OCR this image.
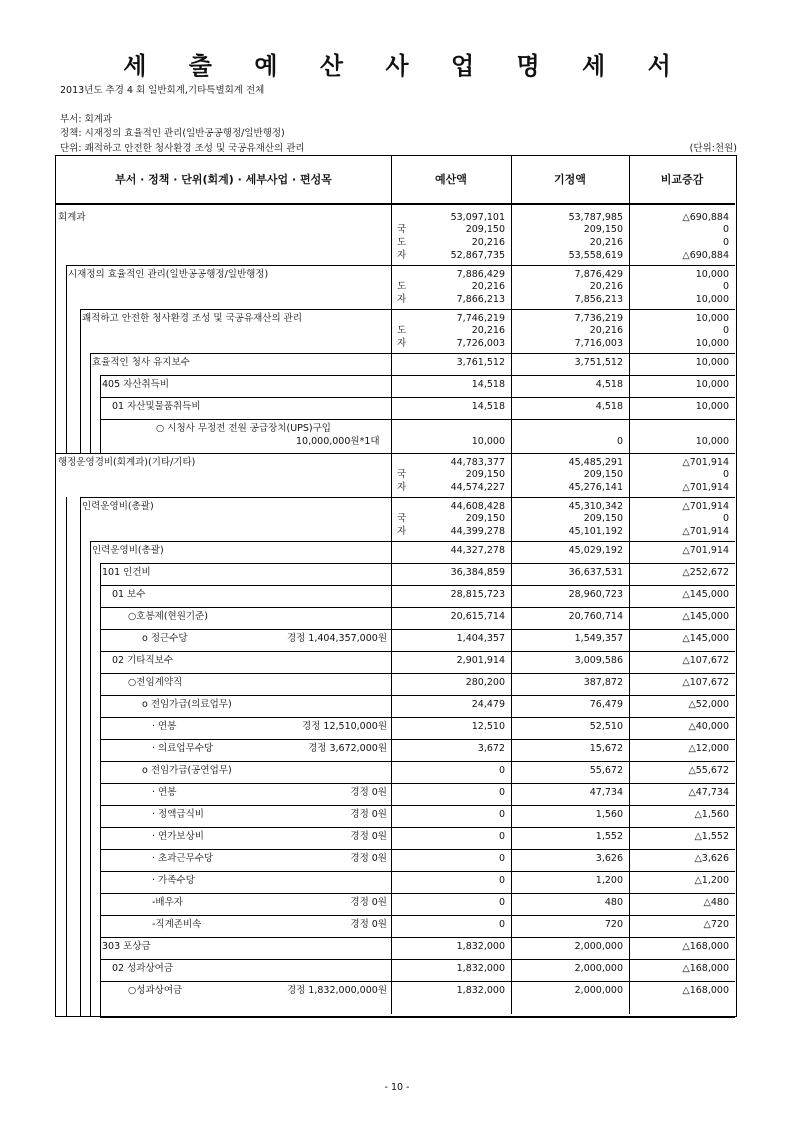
세 출 예 산 사 업 명 세 서
2013년도 추경 4 회 일반회계,기타특별회계 전체
부서: 회계과
정책: 시재정의 효율적인 관리(일반공공행정/일반행정)
단위: 쾌적하고 안전한 청사환경 조성 및 국공유재산의 관리	(단위:천원)
부서 · 정책 · 단위(회계) · 세부사업 · 편성목	예산액	기정액	비교증감
회계과	53,097,101	53,787,985	△690,884
국	209,150	209,150	0
도	20,216	20,216	0
자	52,867,735	53,558,619	△690,884
시재정의 효율적인 관리(일반공공행정/일반행정)	7,886,429	7,876,429	10,000
도	20,216	20,216	0
자	7,866,213	7,856,213	10,000
쾌적하고 안전한 청사환경 조성 및 국공유재산의 관리	7,746,219	7,736,219	10,000
도	20,216	20,216	0
자	7,726,003	7,716,003	10,000
효율적인 청사 유지보수	3,761,512	3,751,512	10,000
405 자산취득비	14,518	4,518	10,000
01 자산및물품취득비	14,518	4,518	10,000
○ 시청사 무정전 전원 공급장치(UPS)구입
10,000,000원*1대	10,000	0	10,000
행정운영경비(회계과)(기타/기타)	44,783,377	45,485,291	△701,914
국	209,150	209,150	0
자	44,574,227	45,276,141	△701,914
인력운영비(총괄)	44,608,428	45,310,342	△701,914
국	209,150	209,150	0
자	44,399,278	45,101,192	△701,914
인력운영비(총괄)	44,327,278	45,029,192	△701,914
101 인건비	36,384,859	36,637,531	△252,672
01 보수	28,815,723	28,960,723	△145,000
○호봉제(현원기준)	20,615,714	20,760,714	△145,000
o 정근수당	경정 1,404,357,000원	1,404,357	1,549,357	△145,000
02 기타직보수	2,901,914	3,009,586	△107,672
○전임계약직	280,200	387,872	△107,672
o 전임가급(의료업무)	24,479	76,479	△52,000
· 연봉	경정 12,510,000원	12,510	52,510	△40,000
· 의료업무수당	경정 3,672,000원	3,672	15,672	△12,000
o 전임가급(공연업무)	0	55,672	△55,672
· 연봉	경정 0원	0	47,734	△47,734
· 정액급식비	경정 0원	0	1,560	△1,560
· 연가보상비	경정 0원	0	1,552	△1,552
· 초과근무수당	경정 0원	0	3,626	△3,626
· 가족수당	0	1,200	△1,200
-배우자	경정 0원	0	480	△480
-직계존비속	경정 0원	0	720	△720
303 포상금	1,832,000	2,000,000	△168,000
02 성과상여금	1,832,000	2,000,000	△168,000
○성과상여금	경정 1,832,000,000원	1,832,000	2,000,000	△168,000
- 10 -
